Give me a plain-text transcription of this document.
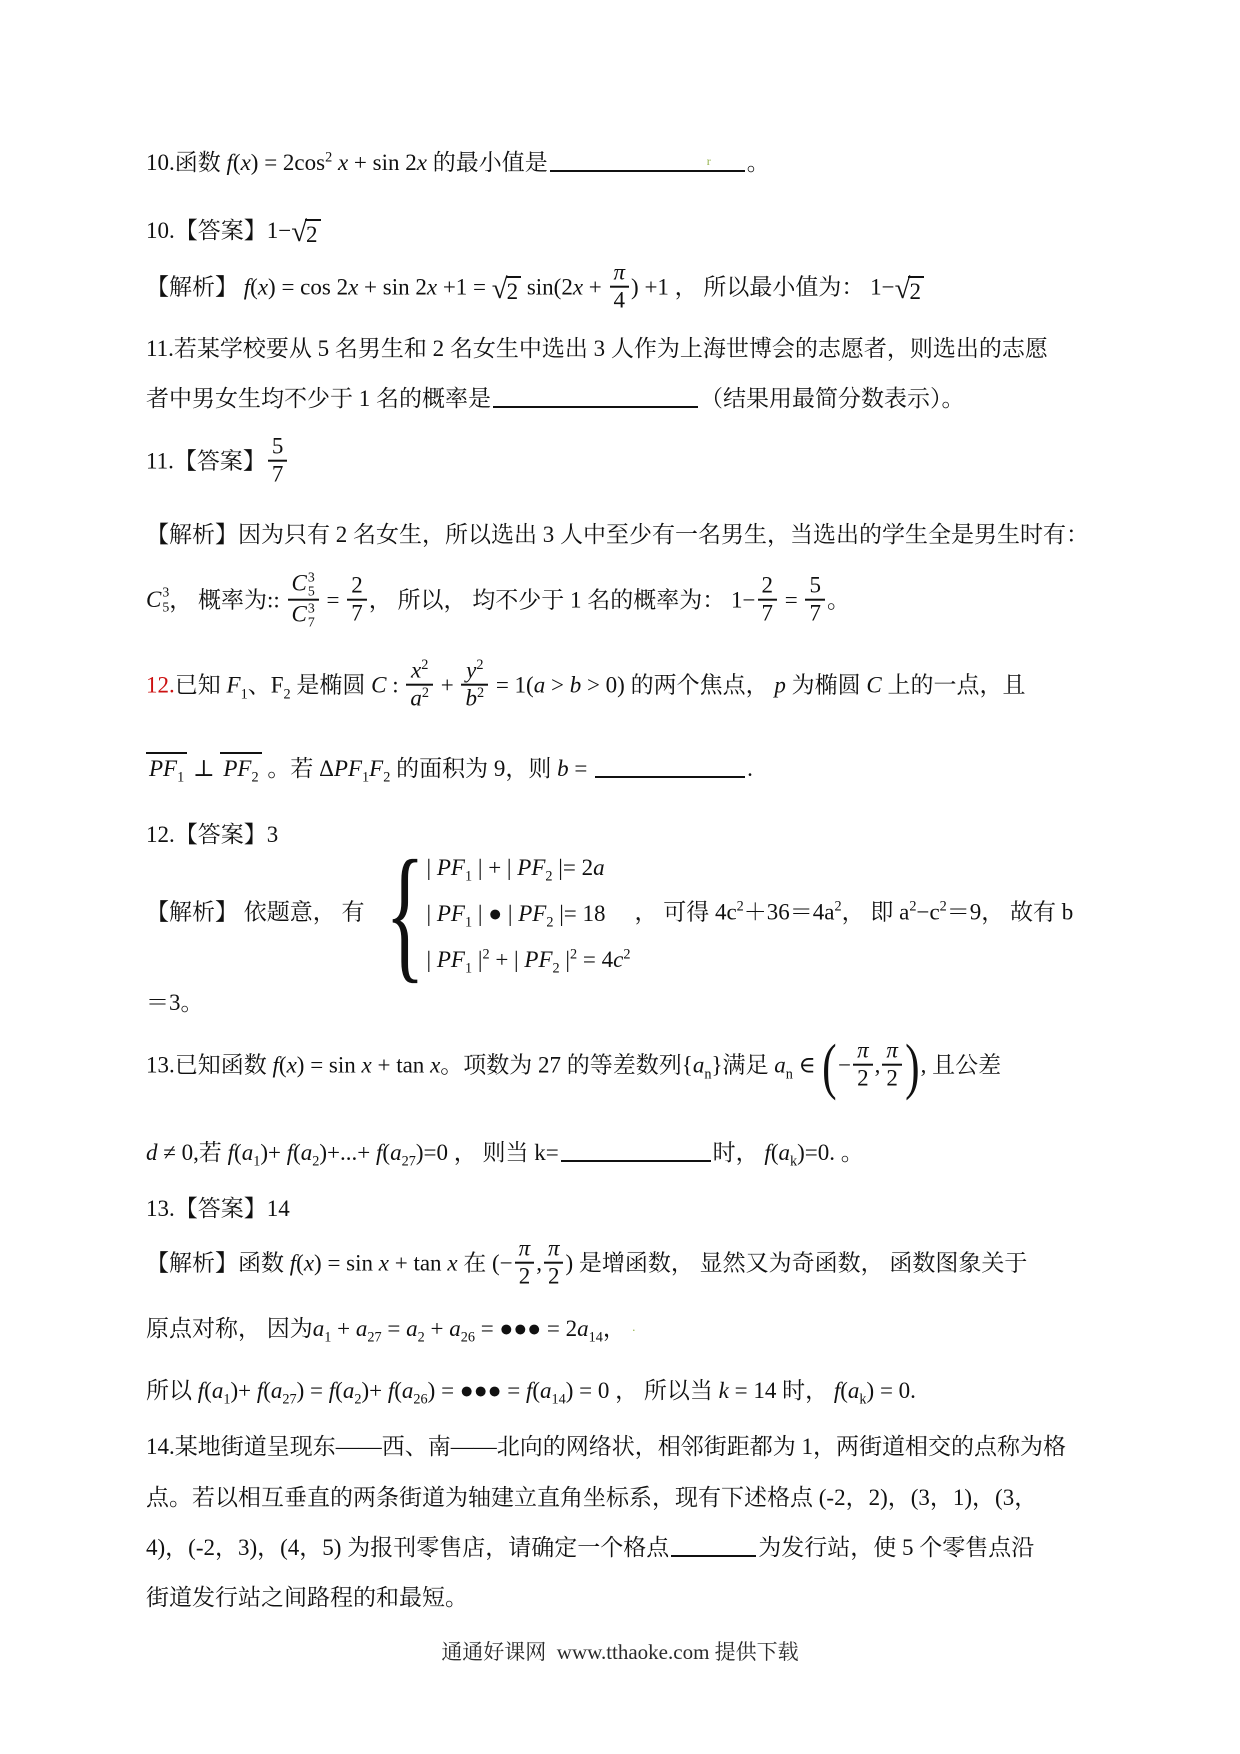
10.函数 $f(x) = 2\cos^2$ x + sin 2x 的最小值是	r 。
10.【答案】1− √ 2
【解析】 f(x) = cos 2x + sin 2x +1 = √ 2 $\sin(2x + \frac{\pi}{4}$ ) +1 ， 所以最小值为： 1− √ 2
11.若某学校要从 5 名男生和 2 名女生中选出 3 人作为上海世博会的志愿者，则选出的志愿
者中男女生均不少于 1 名的概率是	（结果用最简分数表示）。
11.【答案】 $\frac{5}{7}$
【解析】因为只有 2 名女生，所以选出 3 人中至少有一名男生，当选出的学生全是男生时有：
C 3
5 ， 概率为:: C 3
5
C 3
$7 = \frac{2}{7}$ ， 所以， 均不少于 1 名的概率为： $1- \frac{2}{7} = \frac{5}{7}$ 。
12.已知 $F_1$、$F_2$ 是椭圆 C : $\frac{x^2}{a^2} + \frac{y^2}{b^2} = 1(a > b > 0)$ 的两个焦点， p 为椭圆 C 上的一点，且
$PF_1$ ⊥ $PF_2$ 。若 $\Delta PF_1F_2$ 的面积为 9，则 b =	.
12.【答案】3
【解析】 依题意， 有 { | $PF_1$ | + | $PF_2$ |= 2a
| $PF_1$ | ● | $PF_2$ |= 18
| $PF_1$ $|^2$ + | $PF_2$ $|^2 = 4c^2$
， 可得 $4c^2+36=4a^2$， 即 $a^2-c^2=9$， 故有 b
＝3。
13.已知函数 f(x) = sin x + tan x。项数为 27 的等差数列$\{a_n\}$满足 $a_n$ ∈ (− $\frac{\pi}{2}$ , $\frac{\pi}{2}$ ), 且公差
d ≠ 0,若 $f(a_1)+ f(a_2)+...+ f(a_{27})=0$ ， 则当 k=	时， $f(a_k)=0$. 。
13.【答案】14
【解析】函数 f(x) = sin x + tan x 在 (− $\frac{\pi}{2}$ , $\frac{\pi}{2}$ ) 是增函数， 显然又为奇函数， 函数图象关于
原点对称， 因为$a_1 + a_{27} = a_2 + a_{26}$ = ●●● = $2a_{14}$， ·
所以 $f(a_1)+ f(a_{27}) = f(a_2)+ f(a_{26})$ = ●●● = $f(a_{14}) = 0$ ， 所以当 k = 14 时， $f(a_k) = 0$.
14.某地街道呈现东——西、南——北向的网络状，相邻街距都为 1，两街道相交的点称为格
点。若以相互垂直的两条街道为轴建立直角坐标系，现有下述格点 (-2，2)，(3，1)，(3，
4)，(-2，3)，(4，5) 为报刊零售店，请确定一个格点	为发行站，使 5 个零售点沿
街道发行站之间路程的和最短。
通通好课网  www.tthaoke.com 提供下载
